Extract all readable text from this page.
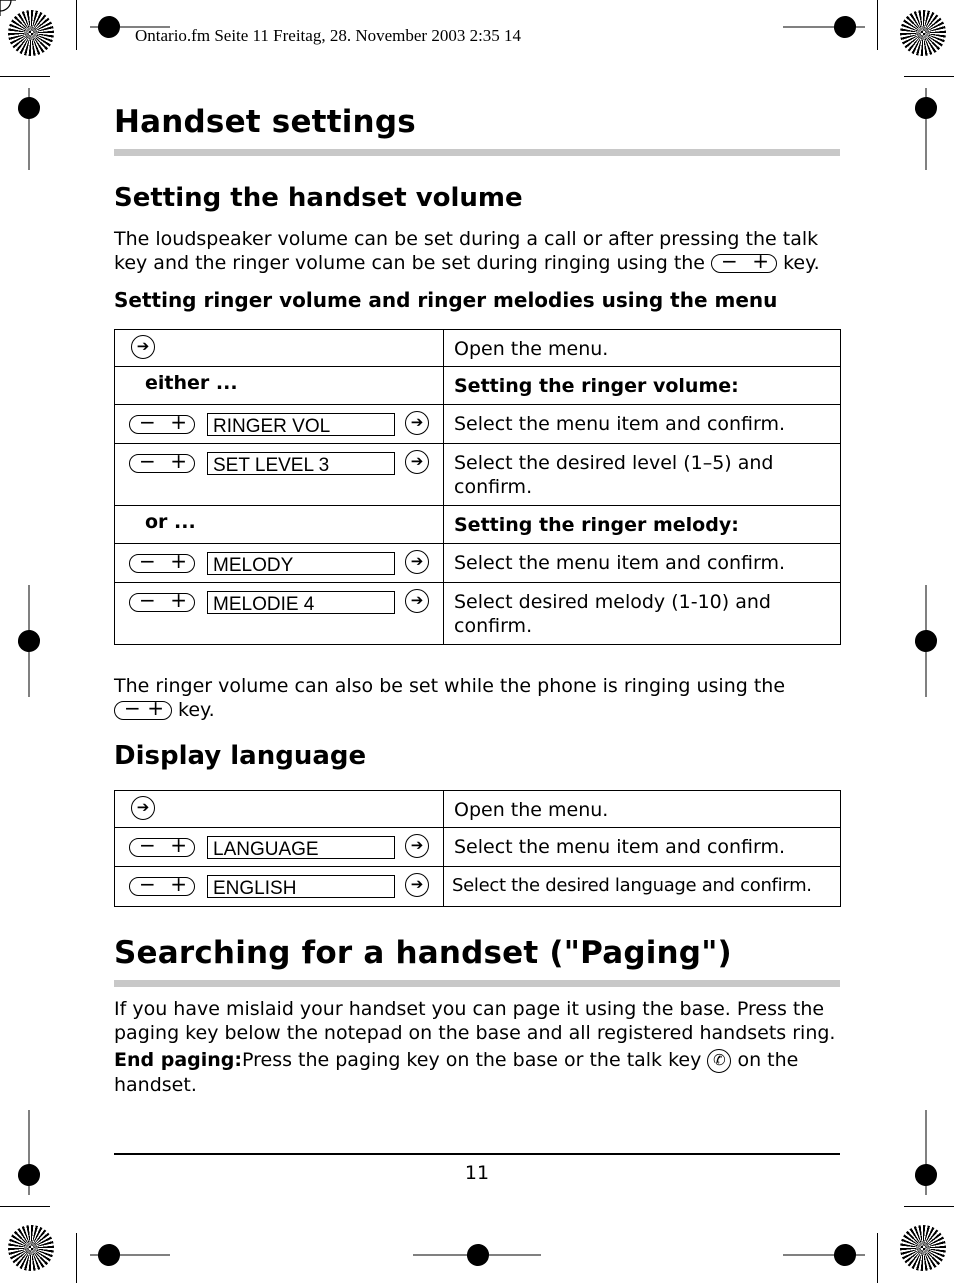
Ontario.fm Seite 11 Freitag, 28. November 2003 2:35 14
Handset settings
Setting the handset volume
The loudspeaker volume can be set during a call or after pressing the talk key and the ringer volume can be set during ringing using the − + key.
Setting ringer volume and ringer melodies using the menu
➔	Open the menu.

either ...	Setting the ringer volume:

− + RINGER VOL ➔	Select the menu item and confirm.

− + SET LEVEL 3 ➔	Select the desired level (1–5) and confirm.

or ...	Setting the ringer melody:

− + MELODY ➔	Select the menu item and confirm.

− + MELODIE 4 ➔	Select desired melody (1-10) and confirm.
The ringer volume can also be set while the phone is ringing using the

− + key.
Display language
➔	Open the menu.

− + LANGUAGE ➔	Select the menu item and confirm.

− + ENGLISH ➔	Select the desired language and confirm.
Searching for a handset ("Paging")
If you have mislaid your handset you can page it using the base. Press the paging key below the notepad on the base and all registered handsets ring.
End paging:Press the paging key on the base or the talk key ✆ on the handset.
11
